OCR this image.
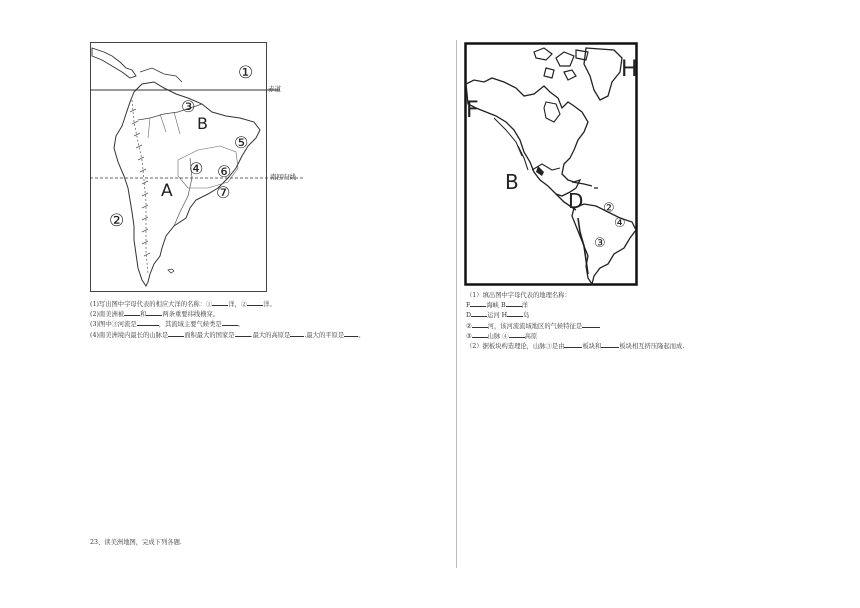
①
③
B
⑤
④ ⑥
A	⑦
②
赤道
南回归线
(1)写出图中字母代表的相应大洋的名称：①	洋，②	洋。
(2)南美洲被	和	两条重要纬线横穿。
(3)图中③河流是	，其流域主要气候类是	。
(4)南美洲境内最长的山脉是	面积最大的国家是	.最大的高原是 .最大的平原是 。
H
F
B
D ②
④
③
（1）填出图中字母代表的地理名称：
F	海峡 B	洋
D	运河 H	岛
②	河，该河流流域地区的气候特征是
③	山脉 ④	高原
（2）据板块构造理论，山脉③是由	板块和	板块相互挤压隆起而成.
23、读美洲地图，完成下列各题.
